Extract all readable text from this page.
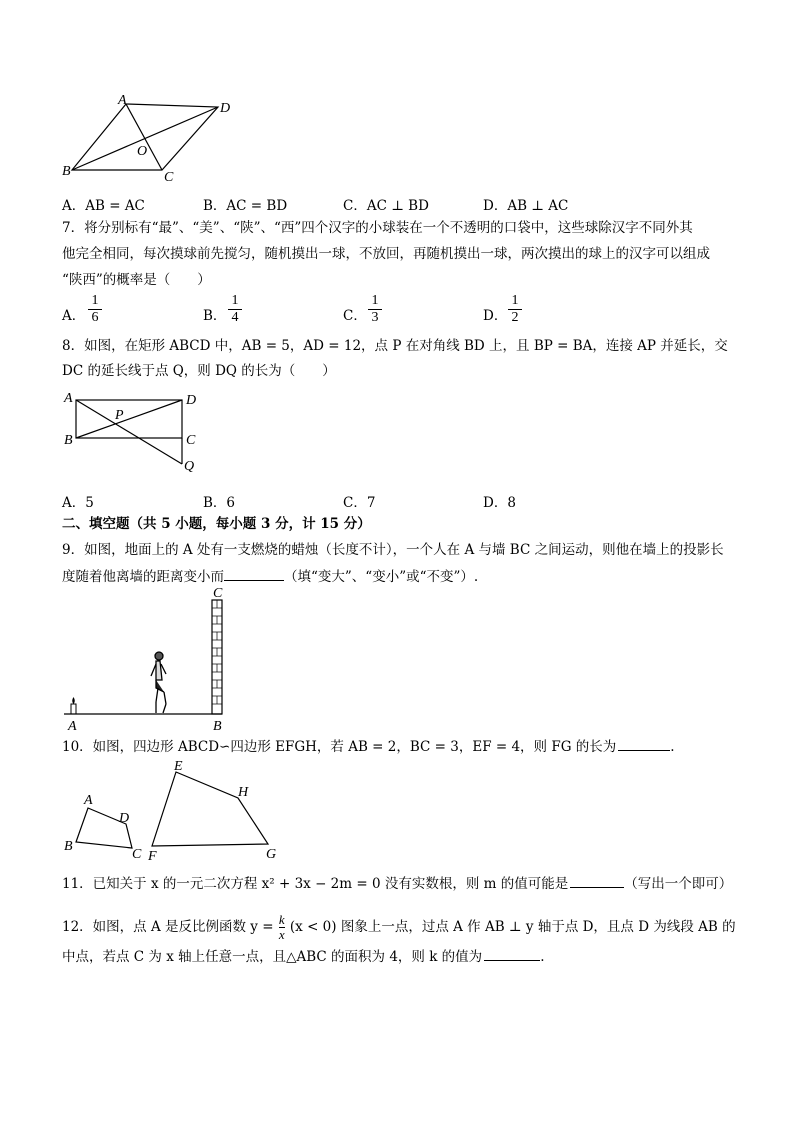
A
D
B	C
O
A．AB = AC	B．AC = BD	C．AC ⊥ BD	D．AB ⊥ AC
7．将分别标有“最”、“美”、“陕”、“西”四个汉字的小球装在一个不透明的口袋中，这些球除汉字不同外其
他完全相同，每次摸球前先搅匀，随机摸出一球，不放回，再随机摸出一球，两次摸出的球上的汉字可以组成
“陕西”的概率是（　　）
A． $\frac{1}{6}$	B． $\frac{1}{4}$	C． $\frac{1}{3}$	D． $\frac{1}{2}$
8．如图，在矩形 ABCD 中，AB = 5，AD = 12，点 P 在对角线 BD 上，且 BP = BA，连接 AP 并延长，交
DC 的延长线于点 Q，则 DQ 的长为（　　）
A	D
B	C
P
Q
A．5	B．6	C．7	D．8
二、填空题（共 5 小题，每小题 3 分，计 15 分）
9．如图，地面上的 A 处有一支燃烧的蜡烛（长度不计），一个人在 A 与墙 BC 之间运动，则他在墙上的投影长
度随着他离墙的距离变小而	（填“变大”、“变小”或“不变”）.
A	B
C
10．如图，四边形 ABCD∽四边形 EFGH，若 AB = 2，BC = 3，EF = 4，则 FG 的长为	.
A
B
C
D
E
F	G
H
11．已知关于 x 的一元二次方程 x² + 3x − 2m = 0 没有实数根，则 m 的值可能是	（写出一个即可）
12．如图，点 A 是反比例函数 $y = \frac{k}{x} (x < 0)$ 图象上一点，过点 A 作 AB ⊥ y 轴于点 D，且点 D 为线段 AB 的
中点，若点 C 为 x 轴上任意一点，且△ABC 的面积为 4，则 k 的值为	.
